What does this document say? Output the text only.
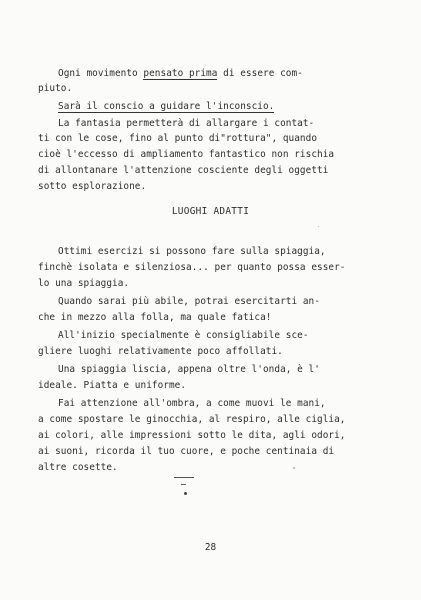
Ogni movimento pensato prima di essere com-
piuto.
Sarà il conscio a guidare l'inconscio.
La fantasia permetterà di allargare i contat-
ti con le cose, fino al punto di"rottura", quando
cioè l'eccesso di ampliamento fantastico non rischia
di allontanare l'attenzione cosciente degli oggetti
sotto esplorazione.
LUOGHI ADATTI
Ottimi esercizi si possono fare sulla spiaggia,
finchè isolata e silenziosa... per quanto possa esser-
lo una spiaggia.
Quando sarai più abile, potrai esercitarti an-
che in mezzo alla folla, ma quale fatica!
All'inizio specialmente è consigliabile sce-
gliere luoghi relativamente poco affollati.
Una spiaggia liscia, appena oltre l'onda, è l'
ideale. Piatta e uniforme.
Fai attenzione all'ombra, a come muovi le mani,
a come spostare le ginocchia, al respiro, alle ciglia,
ai colori, alle impressioni sotto le dita, agli odori,
ai suoni, ricorda il tuo cuore, e poche centinaia di
altre cosette.
28
